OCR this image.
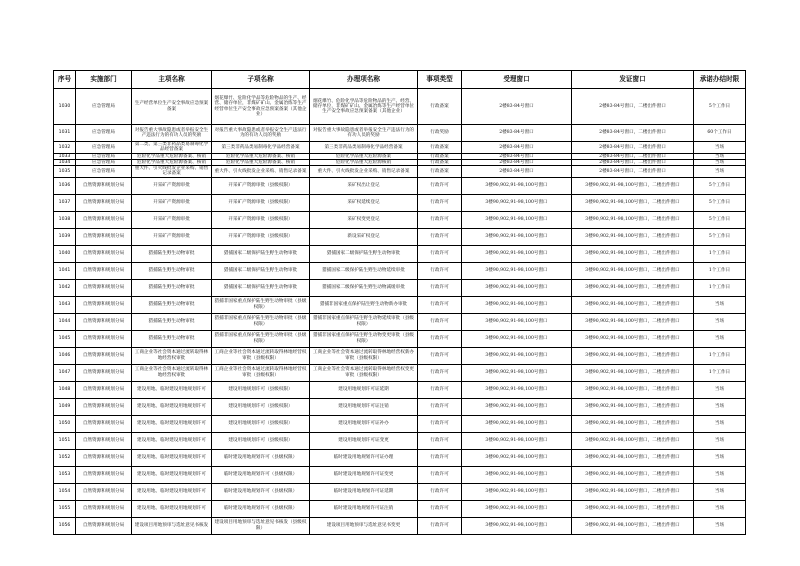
序号	实施部门	主项名称	子项名称	办理项名称	事项类型	受理窗口	发证窗口	承诺办结时限
1030	应急管理局	生产经营单位生产安全事故应急预案备案	烟花爆竹、危险化学品等危险物品的生产、经营、储存单位，非煤矿矿山、金属冶炼等生产经营单位生产安全事故应急预案备案（其他企业）	烟花爆竹、危险化学品等危险物品的生产、经营、储存单位，非煤矿矿山、金属冶炼等生产经营单位生产安全事故应急预案备案（其他企业）	行政备案	2楼83-84号窗口	2楼83-84号窗口，二楼出件窗口	5个工作日
1031	应急管理局	对报告重大事故隐患或者举报安全生产违法行为的有功人员的奖励	对报告重大事故隐患或者举报安全生产违法行为的有功人员的奖励	对报告重大事故隐患或者举报安全生产违法行为的有功人员的奖励	行政奖励	2楼83-84号窗口	2楼83-84号窗口，二楼出件窗口	60个工作日
1032	应急管理局	第二类、第三类非药品类易制毒化学品经营备案	第三类非药品类易制毒化学品经营备案	第三类非药品类易制毒化学品经营备案	行政备案	2楼83-84号窗口	2楼83-84号窗口，二楼出件窗口	当场
1033	应急管理局	危险化学品重大危险源备案、核销	危险化学品重大危险源备案、核销	危险化学品重大危险源备案	行政备案	2楼83-84号窗口	2楼83-84号窗口，二楼出件窗口	当场
1034	应急管理局	危险化学品重大危险源备案、核销	危险化学品重大危险源备案、核销	危险化学品重大危险源核销	行政备案	2楼83-84号窗口	2楼83-84号窗口，二楼出件窗口	当场
1035	应急管理局	重大件、引火线批发企业采购、销售记录备案	重大件、引火线批发企业采购、销售记录备案	重大件、引火线批发企业采购、销售记录备案	行政备案	2楼83-84号窗口	2楼83-84号窗口，二楼出件窗口	当场
1036	自然资源和规划分局	开采矿产资源审批	开采矿产资源审批（县级权限）	采矿权出让登记	行政许可	3楼90,902,91-98,100号窗口	3楼90,902,91-98,100号窗口，二楼出件窗口	5个工作日
1037	自然资源和规划分局	开采矿产资源审批	开采矿产资源审批（县级权限）	采矿权延续登记	行政许可	3楼90,902,91-98,100号窗口	3楼90,902,91-98,100号窗口，二楼出件窗口	5个工作日
1038	自然资源和规划分局	开采矿产资源审批	开采矿产资源审批（县级权限）	采矿权变更登记	行政许可	3楼90,902,91-98,100号窗口	3楼90,902,91-98,100号窗口，二楼出件窗口	5个工作日
1039	自然资源和规划分局	开采矿产资源审批	开采矿产资源审批（县级权限）	新设采矿权登记	行政许可	3楼90,902,91-98,100号窗口	3楼90,902,91-98,100号窗口，二楼出件窗口	5个工作日
1040	自然资源和规划分局	猎捕陆生野生动物审批	猎捕国家二级保护陆生野生动物审批	猎捕国家二级保护陆生野生动物审批	行政许可	3楼90,902,91-98,100号窗口	3楼90,902,91-98,100号窗口，二楼出件窗口	1个工作日
1041	自然资源和规划分局	猎捕陆生野生动物审批	猎捕国家二级保护陆生野生动物审批	猎捕国家二级保护陆生野生动物延续审批	行政许可	3楼90,902,91-98,100号窗口	3楼90,902,91-98,100号窗口，二楼出件窗口	1个工作日
1042	自然资源和规划分局	猎捕陆生野生动物审批	猎捕国家二级保护陆生野生动物审批	猎捕国家二级保护陆生野生动物减缓审批	行政许可	3楼90,902,91-98,100号窗口	3楼90,902,91-98,100号窗口，二楼出件窗口	1个工作日
1043	自然资源和规划分局	猎捕陆生野生动物审批	猎捕非国家重点保护陆生野生动物审批（县级权限）	猎捕非国家重点保护陆生野生动物新办审批	行政许可	3楼90,902,91-98,100号窗口	3楼90,902,91-98,100号窗口，二楼出件窗口	当场
1044	自然资源和规划分局	猎捕陆生野生动物审批	猎捕非国家重点保护陆生野生动物审批（县级权限）	猎捕非国家重点保护陆生野生动物延续审批（县级权限）	行政许可	3楼90,902,91-98,100号窗口	3楼90,902,91-98,100号窗口，二楼出件窗口	当场
1045	自然资源和规划分局	猎捕陆生野生动物审批	猎捕非国家重点保护陆生野生动物审批（县级权限）	猎捕非国家重点保护陆生野生动物变更审批（县级权限）	行政许可	3楼90,902,91-98,100号窗口	3楼90,902,91-98,100号窗口，二楼出件窗口	当场
1046	自然资源和规划分局	工商企业等社会资本通过流转取得林地经营权审批	工商企业等社会资本通过流转取得林地经营权审批（县级权限）	工商企业等社会资本通过流转取得林地经营权新办审批（县级权限）	行政许可	3楼90,902,91-98,100号窗口	3楼90,902,91-98,100号窗口，二楼出件窗口	1个工作日
1047	自然资源和规划分局	工商企业等社会资本通过流转取得林地经营权审批	工商企业等社会资本通过流转取得林地经营权审批（县级权限）	工商企业等社会资本通过流转取得林地经营权变更审批（县级权限）	行政许可	3楼90,902,91-98,100号窗口	3楼90,902,91-98,100号窗口，二楼出件窗口	1个工作日
1048	自然资源和规划分局	建设用地、临时建设用地规划许可	建设用地规划许可（县级权限）	建设用地规划许可证延期	行政许可	3楼90,902,91-98,100号窗口	3楼90,902,91-98,100号窗口，二楼出件窗口	当场
1049	自然资源和规划分局	建设用地、临时建设用地规划许可	建设用地规划许可（县级权限）	建设用地规划许可证注销	行政许可	3楼90,902,91-98,100号窗口	3楼90,902,91-98,100号窗口，二楼出件窗口	当场
1050	自然资源和规划分局	建设用地、临时建设用地规划许可	建设用地规划许可（县级权限）	建设用地规划许可证补办	行政许可	3楼90,902,91-98,100号窗口	3楼90,902,91-98,100号窗口，二楼出件窗口	当场
1051	自然资源和规划分局	建设用地、临时建设用地规划许可	建设用地规划许可（县级权限）	建设用地规划许可证变更	行政许可	3楼90,902,91-98,100号窗口	3楼90,902,91-98,100号窗口，二楼出件窗口	当场
1052	自然资源和规划分局	建设用地、临时建设用地规划许可	临时建设用地规划许可（县级权限）	临时建设用地规划许可证办理	行政许可	3楼90,902,91-98,100号窗口	3楼90,902,91-98,100号窗口，二楼出件窗口	当场
1053	自然资源和规划分局	建设用地、临时建设用地规划许可	临时建设用地规划许可（县级权限）	临时建设用地规划许可证变更	行政许可	3楼90,902,91-98,100号窗口	3楼90,902,91-98,100号窗口，二楼出件窗口	当场
1054	自然资源和规划分局	建设用地、临时建设用地规划许可	临时建设用地规划许可（县级权限）	临时建设用地规划许可证延期	行政许可	3楼90,902,91-98,100号窗口	3楼90,902,91-98,100号窗口，二楼出件窗口	当场
1055	自然资源和规划分局	建设用地、临时建设用地规划许可	临时建设用地规划许可（县级权限）	临时建设用地规划许可证注销	行政许可	3楼90,902,91-98,100号窗口	3楼90,902,91-98,100号窗口，二楼出件窗口	当场
1056	自然资源和规划分局	建设项目用地预审与选址意见书核发	建设项目用地预审与选址意见书核发（县级权限）	建设项目用地预审与选址意见书变更	行政许可	3楼90,902,91-98,100号窗口	3楼90,902,91-98,100号窗口，二楼出件窗口	当场
